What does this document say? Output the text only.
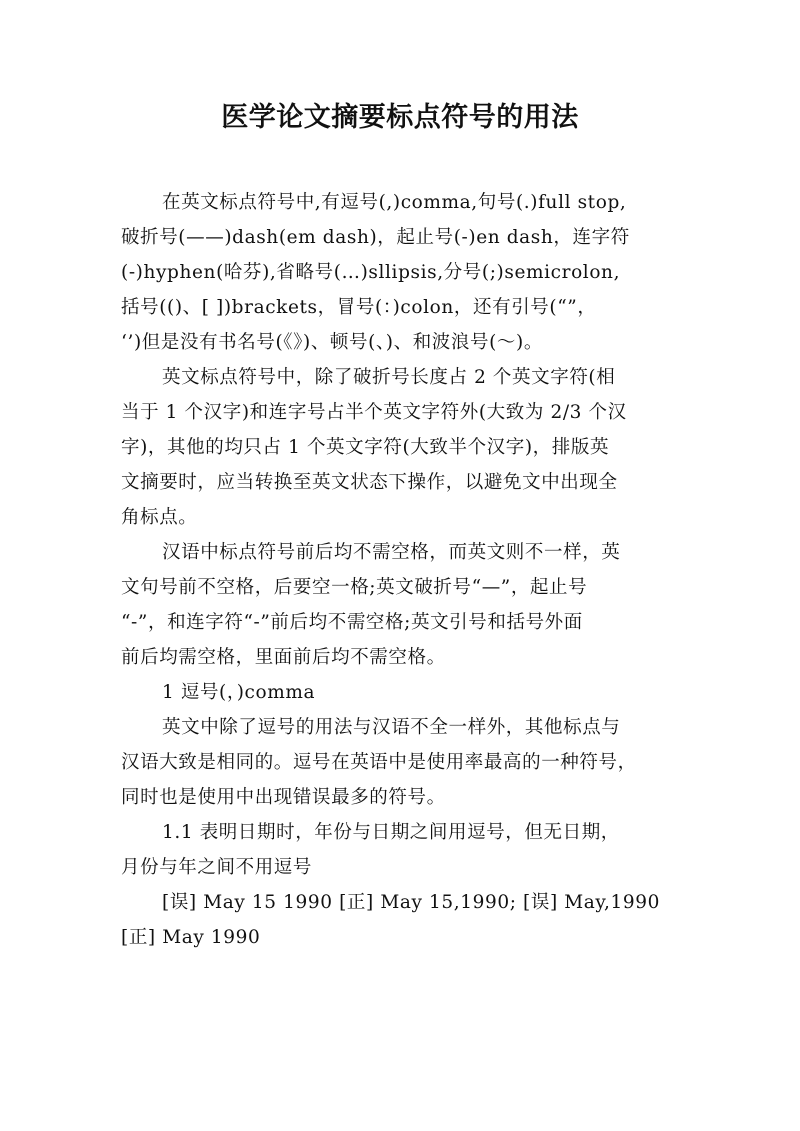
医学论文摘要标点符号的用法
在英文标点符号中,有逗号(,)comma,句号(.)full stop,
破折号(——)dash(em dash)，起止号(-)en dash，连字符
(-)hyphen(哈芬),省略号(…)sllipsis,分号(;)semicrolon,
括号(()、[ ])brackets，冒号(：)colon，还有引号(“”，
‘’)但是没有书名号(《》)、顿号(、)、和波浪号(～)。
英文标点符号中，除了破折号长度占 2 个英文字符(相
当于 1 个汉字)和连字号占半个英文字符外(大致为 2/3 个汉
字)，其他的均只占 1 个英文字符(大致半个汉字)，排版英
文摘要时，应当转换至英文状态下操作，以避免文中出现全
角标点。
汉语中标点符号前后均不需空格，而英文则不一样，英
文句号前不空格，后要空一格;英文破折号“—”，起止号
“-”，和连字符“-”前后均不需空格;英文引号和括号外面
前后均需空格，里面前后均不需空格。
1 逗号(，)comma
英文中除了逗号的用法与汉语不全一样外，其他标点与
汉语大致是相同的。逗号在英语中是使用率最高的一种符号，
同时也是使用中出现错误最多的符号。
1.1 表明日期时，年份与日期之间用逗号，但无日期，
月份与年之间不用逗号
[误] May 15 1990 [正] May 15,1990; [误] May,1990
[正] May 1990
